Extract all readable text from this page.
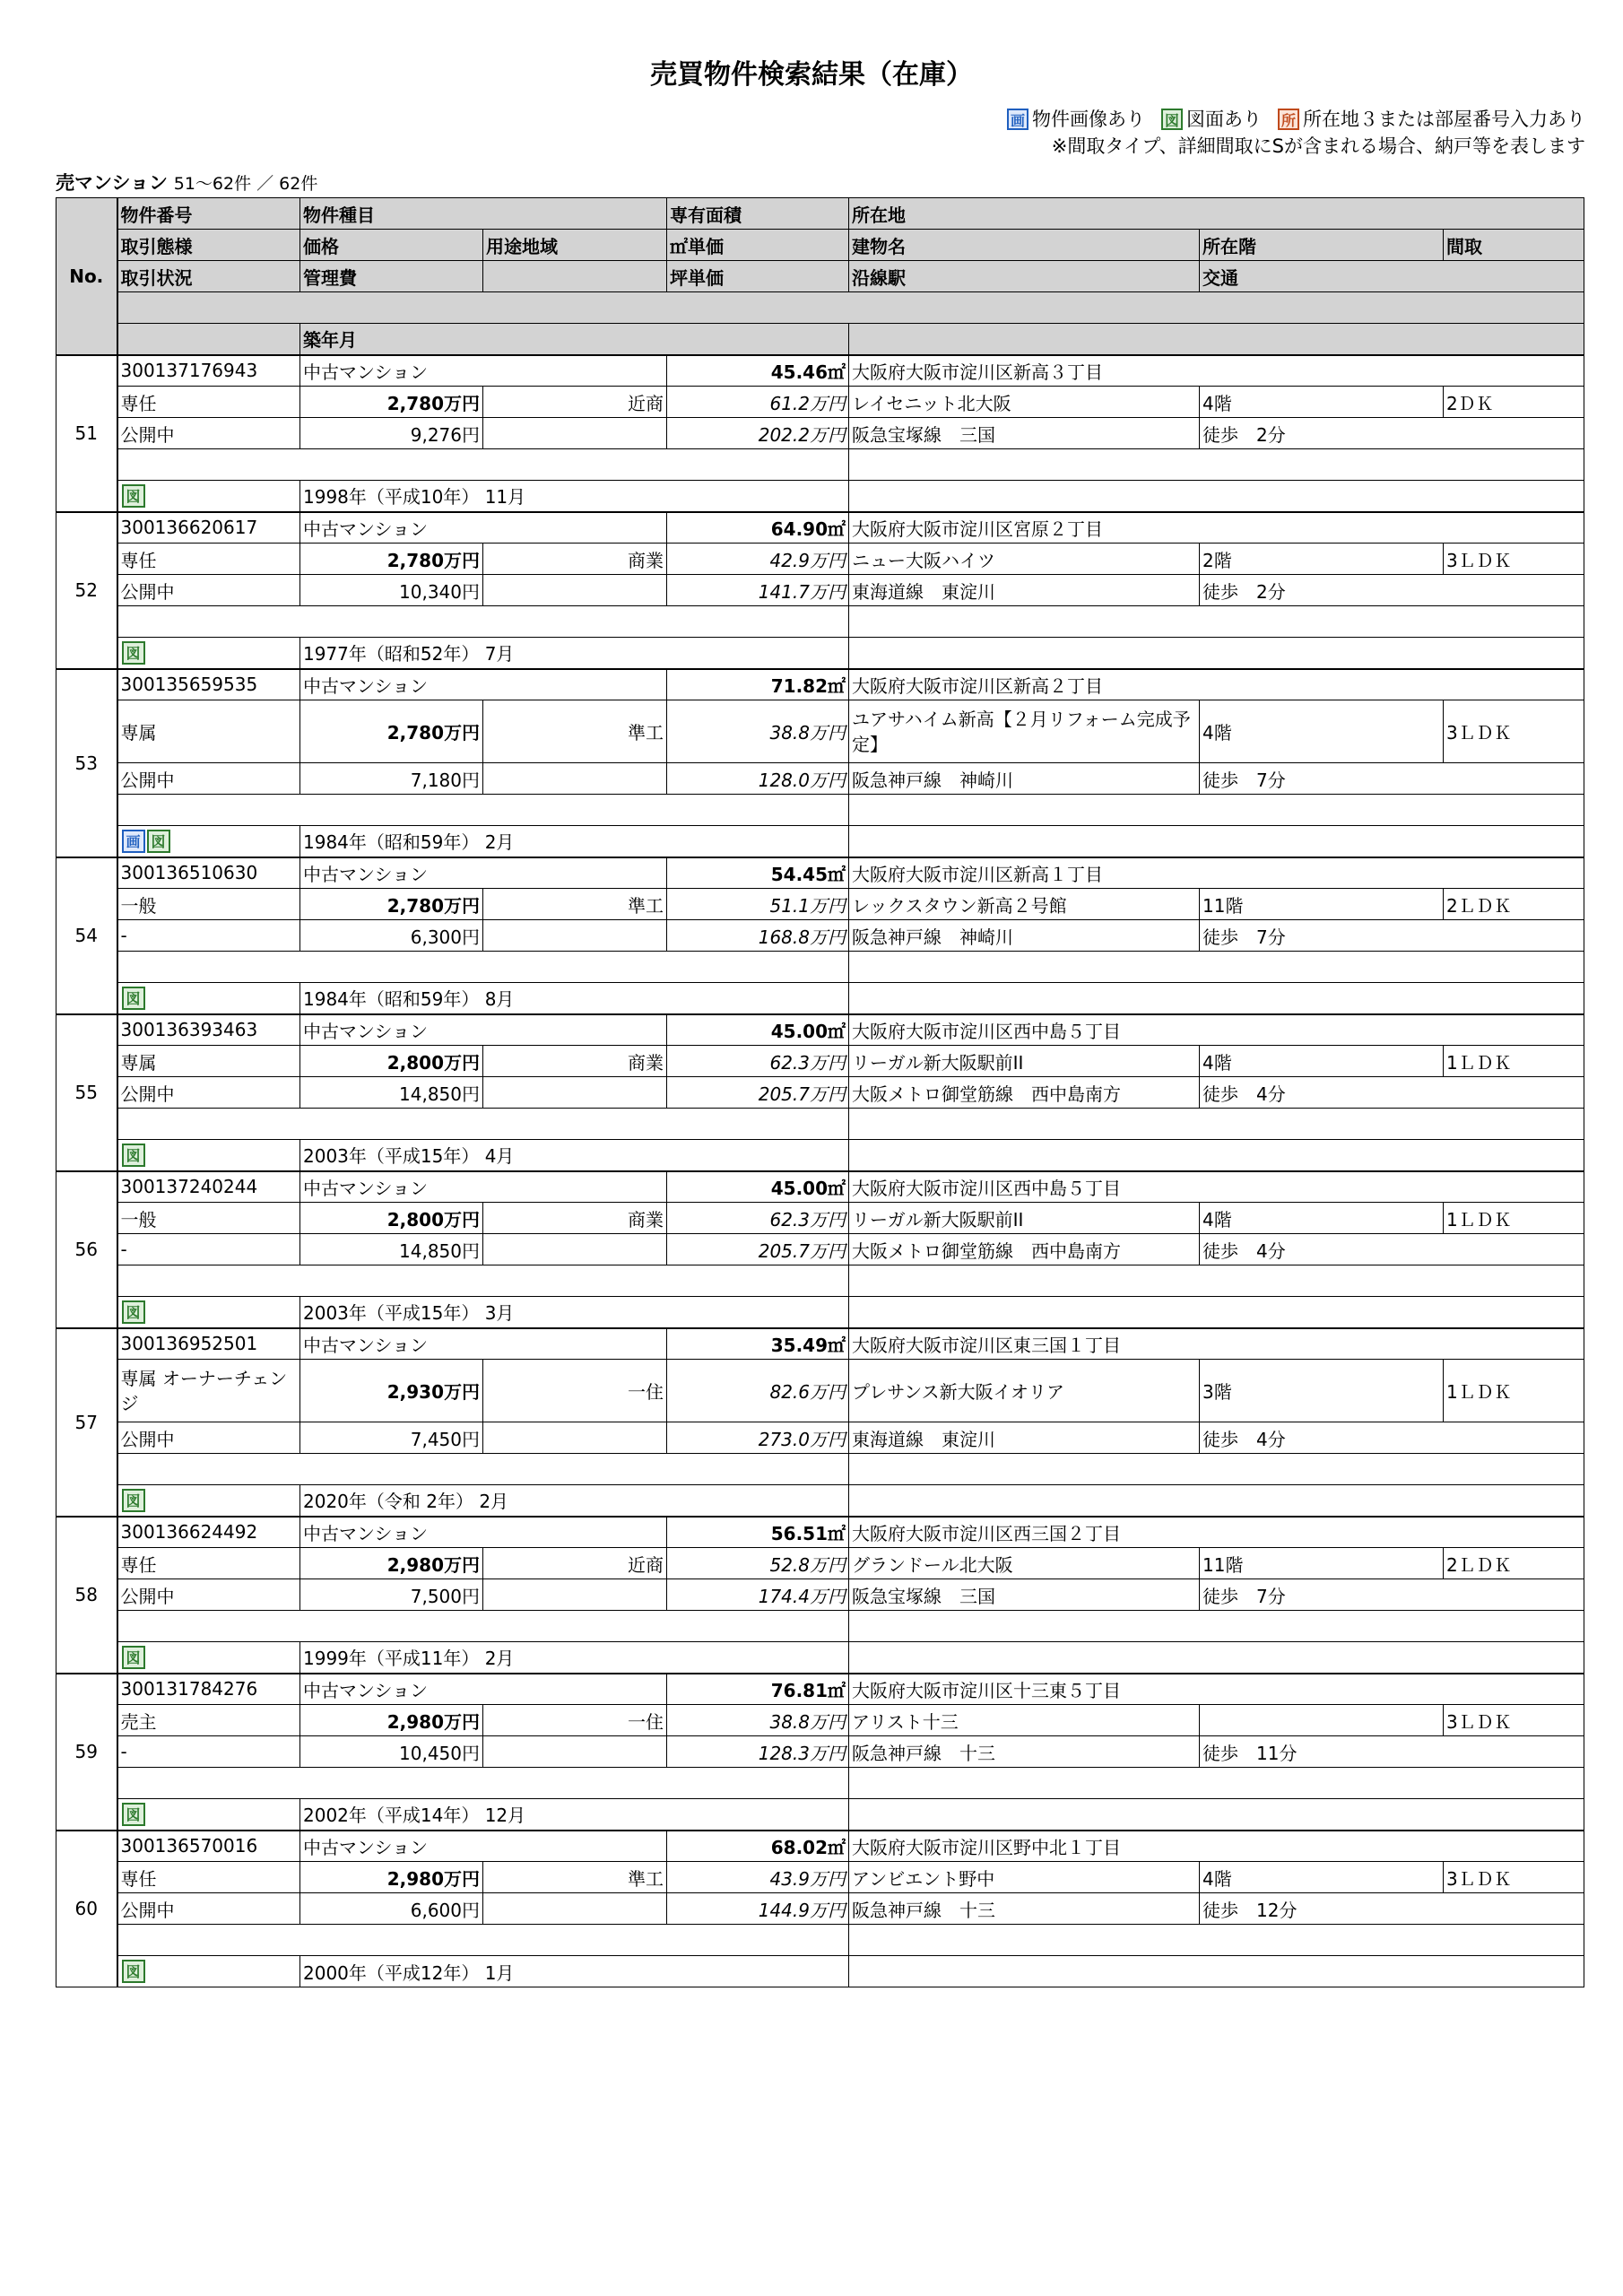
売買物件検索結果（在庫）
画 物件画像あり 図 図面あり 所 所在地３または部屋番号入力あり
※間取タイプ、詳細間取にSが含まれる場合、納戸等を表します
売マンション 51〜62件 ／ 62件
No.	物件番号	物件種目		専有面積	所在地		
	取引態様	価格	用途地域	㎡単価	建物名	所在階	間取
	取引状況	管理費		坪単価	沿線駅	交通	

		築年月					
51	300137176943	中古マンション		45.46㎡	大阪府大阪市淀川区新高３丁目		
	専任	2,780万円	近商	61.2万円	レイセニット北大阪	4階	2ＤＫ
	公開中	9,276円		202.2万円	阪急宝塚線　三国	徒歩　2分	

	図	1998年（平成10年） 11月					
52	300136620617	中古マンション		64.90㎡	大阪府大阪市淀川区宮原２丁目		
	専任	2,780万円	商業	42.9万円	ニュー大阪ハイツ	2階	3ＬＤＫ
	公開中	10,340円		141.7万円	東海道線　東淀川	徒歩　2分	

	図	1977年（昭和52年） 7月					
53	300135659535	中古マンション		71.82㎡	大阪府大阪市淀川区新高２丁目		
	専属	2,780万円	準工	38.8万円	ユアサハイム新高【２月リフォーム完成予定】	4階	3ＬＤＫ
	公開中	7,180円		128.0万円	阪急神戸線　神崎川	徒歩　7分	

	画 図	1984年（昭和59年） 2月					
54	300136510630	中古マンション		54.45㎡	大阪府大阪市淀川区新高１丁目		
	一般	2,780万円	準工	51.1万円	レックスタウン新高２号館	11階	2ＬＤＫ
	-	6,300円		168.8万円	阪急神戸線　神崎川	徒歩　7分	

	図	1984年（昭和59年） 8月					
55	300136393463	中古マンション		45.00㎡	大阪府大阪市淀川区西中島５丁目		
	専属	2,800万円	商業	62.3万円	リーガル新大阪駅前II	4階	1ＬＤＫ
	公開中	14,850円		205.7万円	大阪メトロ御堂筋線　西中島南方	徒歩　4分	

	図	2003年（平成15年） 4月					
56	300137240244	中古マンション		45.00㎡	大阪府大阪市淀川区西中島５丁目		
	一般	2,800万円	商業	62.3万円	リーガル新大阪駅前II	4階	1ＬＤＫ
	-	14,850円		205.7万円	大阪メトロ御堂筋線　西中島南方	徒歩　4分	

	図	2003年（平成15年） 3月					
57	300136952501	中古マンション		35.49㎡	大阪府大阪市淀川区東三国１丁目		
	専属 オーナーチェンジ	2,930万円	一住	82.6万円	プレサンス新大阪イオリア	3階	1ＬＤＫ
	公開中	7,450円		273.0万円	東海道線　東淀川	徒歩　4分	

	図	2020年（令和 2年） 2月					
58	300136624492	中古マンション		56.51㎡	大阪府大阪市淀川区西三国２丁目		
	専任	2,980万円	近商	52.8万円	グランドール北大阪	11階	2ＬＤＫ
	公開中	7,500円		174.4万円	阪急宝塚線　三国	徒歩　7分	

	図	1999年（平成11年） 2月					
59	300131784276	中古マンション		76.81㎡	大阪府大阪市淀川区十三東５丁目		
	売主	2,980万円	一住	38.8万円	アリスト十三		3ＬＤＫ
	-	10,450円		128.3万円	阪急神戸線　十三	徒歩　11分	

	図	2002年（平成14年） 12月					
60	300136570016	中古マンション		68.02㎡	大阪府大阪市淀川区野中北１丁目		
	専任	2,980万円	準工	43.9万円	アンビエント野中	4階	3ＬＤＫ
	公開中	6,600円		144.9万円	阪急神戸線　十三	徒歩　12分	

	図	2000年（平成12年） 1月					
